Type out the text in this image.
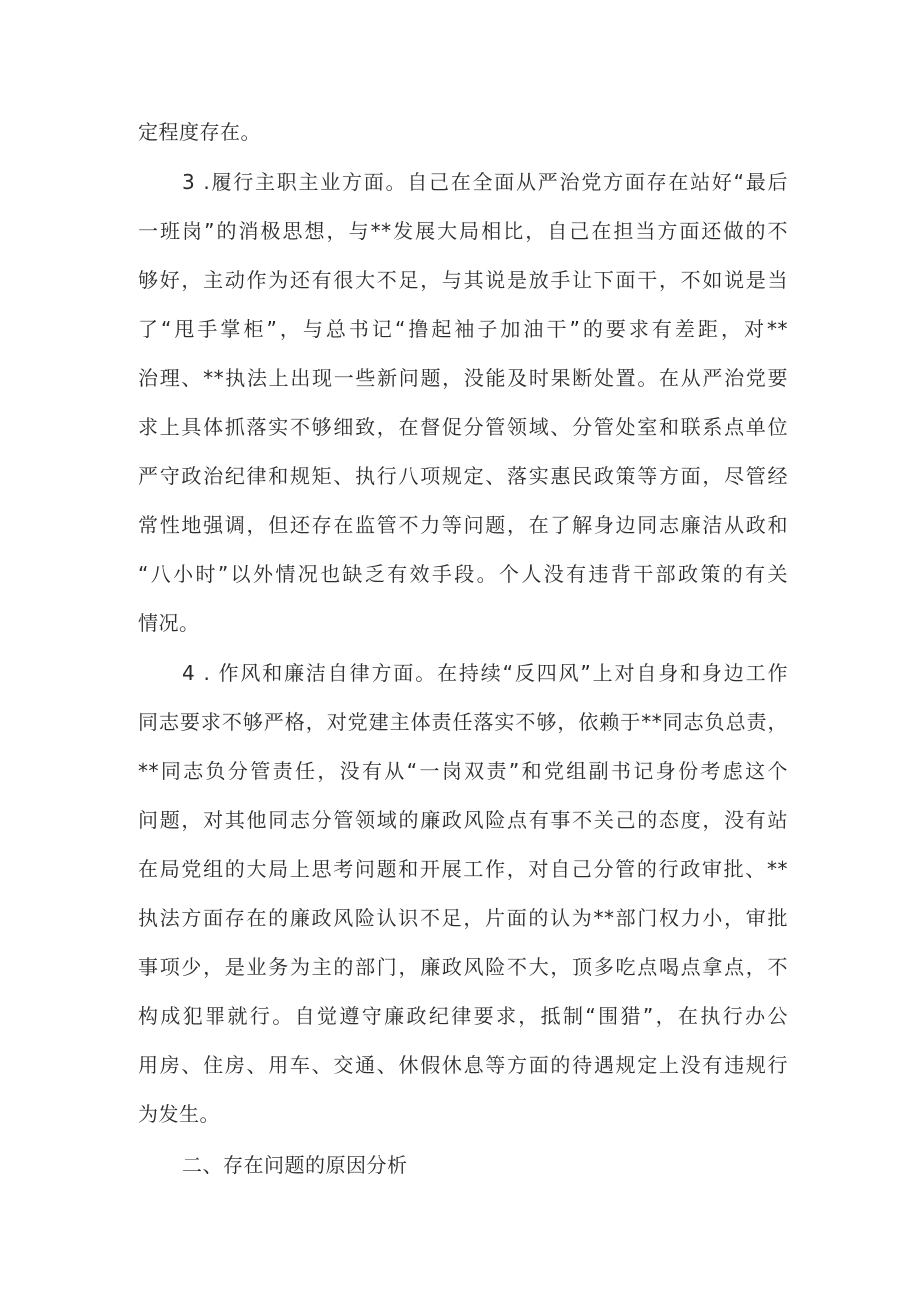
定程度存在。
3 .履行主职主业方面。自己在全面从严治党方面存在站好“最后
一班岗”的消极思想，与**发展大局相比，自己在担当方面还做的不
够好，主动作为还有很大不足，与其说是放手让下面干，不如说是当
了“甩手掌柜”，与总书记“撸起袖子加油干”的要求有差距，对**
治理、**执法上出现一些新问题，没能及时果断处置。在从严治党要
求上具体抓落实不够细致，在督促分管领域、分管处室和联系点单位
严守政治纪律和规矩、执行八项规定、落实惠民政策等方面，尽管经
常性地强调，但还存在监管不力等问题，在了解身边同志廉洁从政和
“八小时”以外情况也缺乏有效手段。个人没有违背干部政策的有关
情况。
4 . 作风和廉洁自律方面。在持续“反四风”上对自身和身边工作
同志要求不够严格，对党建主体责任落实不够，依赖于**同志负总责，
**同志负分管责任，没有从“一岗双责”和党组副书记身份考虑这个
问题，对其他同志分管领域的廉政风险点有事不关己的态度，没有站
在局党组的大局上思考问题和开展工作，对自己分管的行政审批、**
执法方面存在的廉政风险认识不足，片面的认为**部门权力小，审批
事项少，是业务为主的部门，廉政风险不大，顶多吃点喝点拿点，不
构成犯罪就行。自觉遵守廉政纪律要求，抵制“围猎”，在执行办公
用房、住房、用车、交通、休假休息等方面的待遇规定上没有违规行
为发生。
二、存在问题的原因分析
